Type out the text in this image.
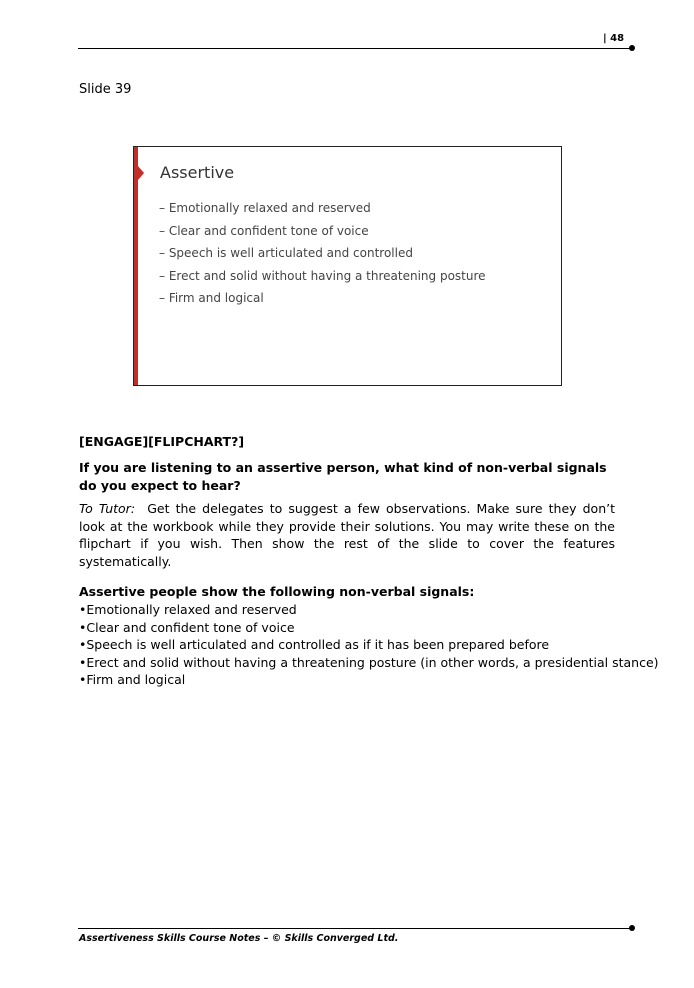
| 48
Slide 39
Assertive
– Emotionally relaxed and reserved
– Clear and confident tone of voice
– Speech is well articulated and controlled
– Erect and solid without having a threatening posture
– Firm and logical
[ENGAGE][FLIPCHART?]
If you are listening to an assertive person, what kind of non-verbal signals do you expect to hear?
To Tutor: Get the delegates to suggest a few observations. Make sure they don’t look at the workbook while they provide their solutions. You may write these on the flipchart if you wish. Then show the rest of the slide to cover the features systematically.
Assertive people show the following non-verbal signals:
•Emotionally relaxed and reserved
•Clear and confident tone of voice
•Speech is well articulated and controlled as if it has been prepared before
•Erect and solid without having a threatening posture (in other words, a presidential stance)
•Firm and logical
Assertiveness Skills Course Notes – © Skills Converged Ltd.
